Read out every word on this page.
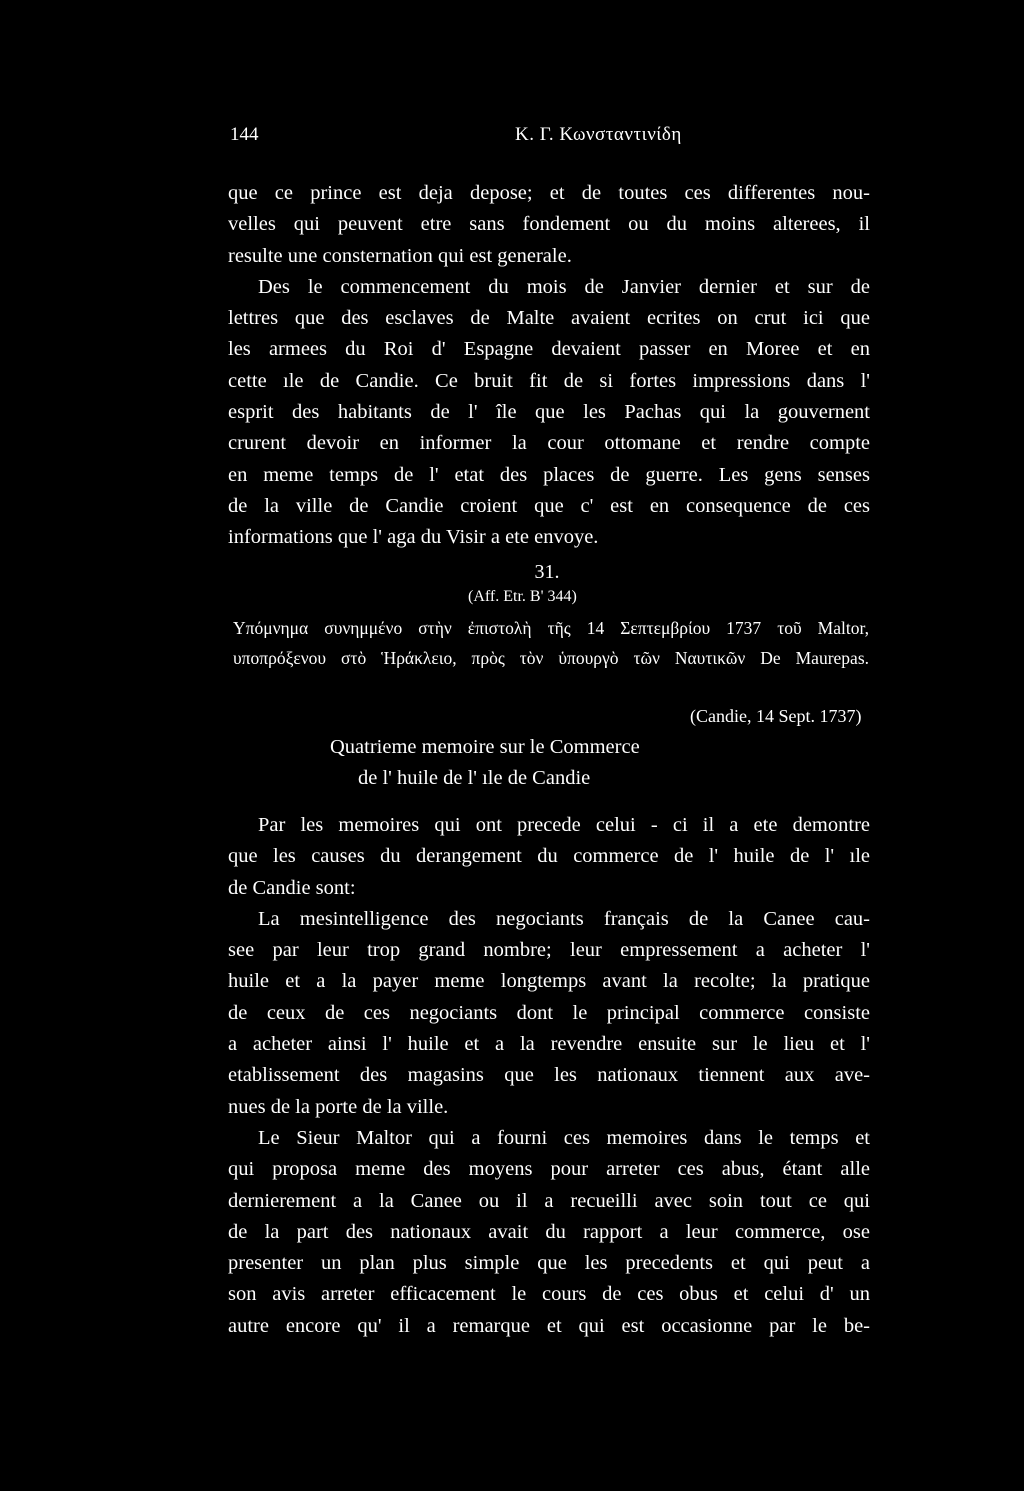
144	Κ. Γ. Κωνσταντινίδη
que ce prince est deja depose; et de toutes ces differentes nou-
velles qui peuvent etre sans fondement ou du moins alterees, il
resulte une consternation qui est generale.
Des le commencement du mois de Janvier dernier et sur de
lettres que des esclaves de Malte avaient ecrites on crut ici que
les armees du Roi d' Espagne devaient passer en Moree et en
cette ıle de Candie. Ce bruit fit de si fortes impressions dans l'
esprit des habitants de l' île que les Pachas qui la gouvernent
crurent devoir en informer la cour ottomane et rendre compte
en meme temps de l' etat des places de guerre. Les gens senses
de la ville de Candie croient que c' est en consequence de ces
informations que l' aga du Visir a ete envoye.
31.
(Aff. Etr. B' 344)
Υπόμνημα συνημμένο στὴν ἐπιστολὴ τῆς 14 Σεπτεμβρίου 1737 τοῦ Maltor,
υποπρόξενου στὸ Ἡράκλειο, πρὸς τὸν ὑπουργὸ τῶν Ναυτικῶν De Maurepas.
(Candie, 14 Sept. 1737)
Quatrieme memoire sur le Commerce
de l' huile de l' ıle de Candie
Par les memoires qui ont precede celui - ci il a ete demontre
que les causes du derangement du commerce de l' huile de l' ıle
de Candie sont:
La mesintelligence des negociants français de la Canee cau-
see par leur trop grand nombre; leur empressement a acheter l'
huile et a la payer meme longtemps avant la recolte; la pratique
de ceux de ces negociants dont le principal commerce consiste
a acheter ainsi l' huile et a la revendre ensuite sur le lieu et l'
etablissement des magasins que les nationaux tiennent aux ave-
nues de la porte de la ville.
Le Sieur Maltor qui a fourni ces memoires dans le temps et
qui proposa meme des moyens pour arreter ces abus, étant alle
dernierement a la Canee ou il a recueilli avec soin tout ce qui
de la part des nationaux avait du rapport a leur commerce, ose
presenter un plan plus simple que les precedents et qui peut a
son avis arreter efficacement le cours de ces obus et celui d' un
autre encore qu' il a remarque et qui est occasionne par le be-
